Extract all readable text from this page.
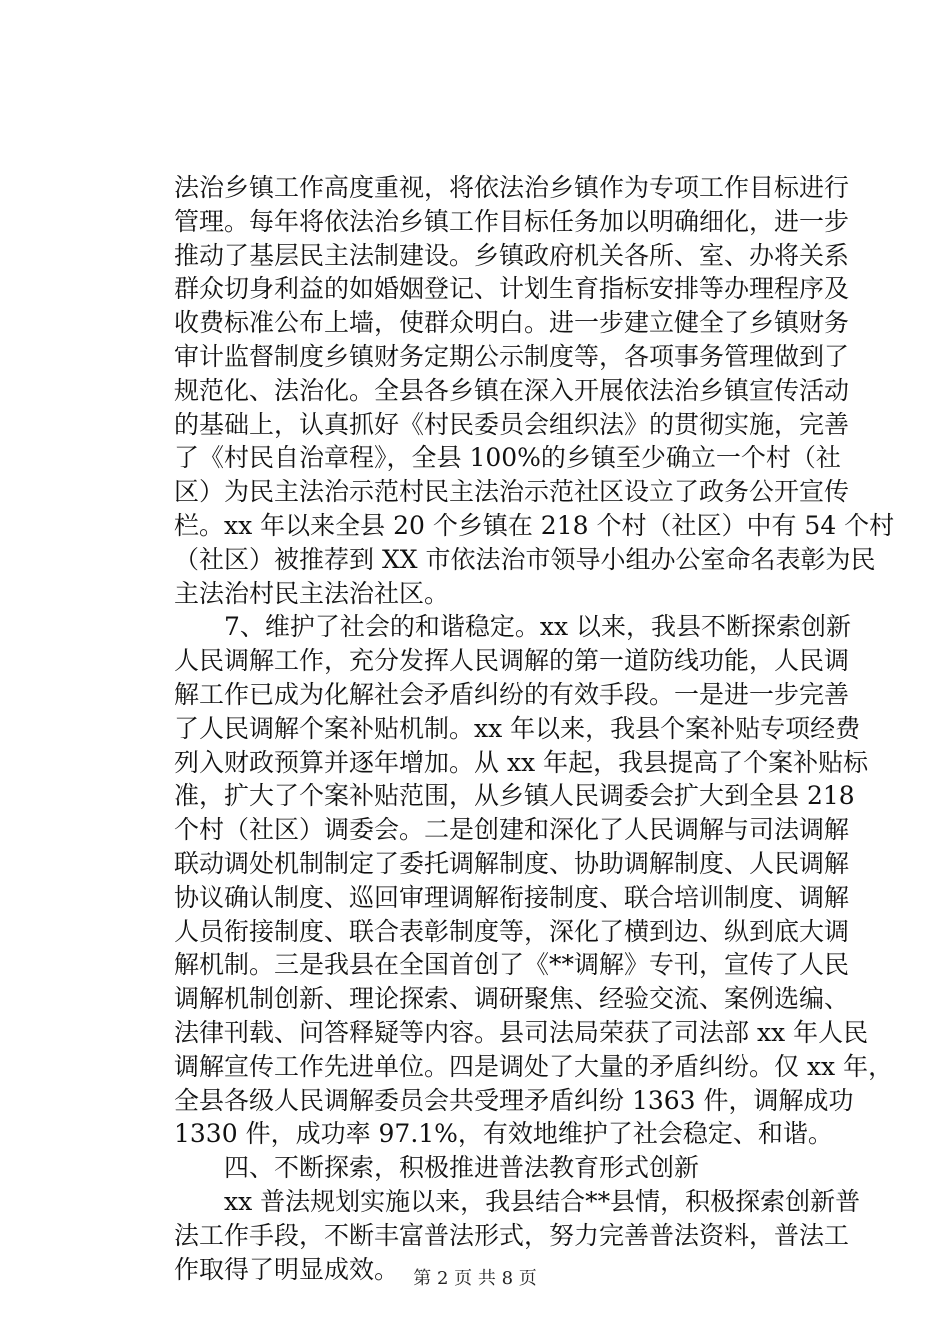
法治乡镇工作高度重视，将依法治乡镇作为专项工作目标进行
管理。每年将依法治乡镇工作目标任务加以明确细化，进一步
推动了基层民主法制建设。乡镇政府机关各所、室、办将关系
群众切身利益的如婚姻登记、计划生育指标安排等办理程序及
收费标准公布上墙，使群众明白。进一步建立健全了乡镇财务
审计监督制度乡镇财务定期公示制度等，各项事务管理做到了
规范化、法治化。全县各乡镇在深入开展依法治乡镇宣传活动
的基础上，认真抓好《村民委员会组织法》的贯彻实施，完善
了《村民自治章程》，全县 100%的乡镇至少确立一个村（社
区）为民主法治示范村民主法治示范社区设立了政务公开宣传
栏。xx 年以来全县 20 个乡镇在 218 个村（社区）中有 54 个村
（社区）被推荐到 XX 市依法治市领导小组办公室命名表彰为民
主法治村民主法治社区。
7、维护了社会的和谐稳定。xx 以来，我县不断探索创新
人民调解工作，充分发挥人民调解的第一道防线功能，人民调
解工作已成为化解社会矛盾纠纷的有效手段。一是进一步完善
了人民调解个案补贴机制。xx 年以来，我县个案补贴专项经费
列入财政预算并逐年增加。从 xx 年起，我县提高了个案补贴标
准，扩大了个案补贴范围，从乡镇人民调委会扩大到全县 218
个村（社区）调委会。二是创建和深化了人民调解与司法调解
联动调处机制制定了委托调解制度、协助调解制度、人民调解
协议确认制度、巡回审理调解衔接制度、联合培训制度、调解
人员衔接制度、联合表彰制度等，深化了横到边、纵到底大调
解机制。三是我县在全国首创了《**调解》专刊，宣传了人民
调解机制创新、理论探索、调研聚焦、经验交流、案例选编、
法律刊载、问答释疑等内容。县司法局荣获了司法部 xx 年人民
调解宣传工作先进单位。四是调处了大量的矛盾纠纷。仅 xx 年，
全县各级人民调解委员会共受理矛盾纠纷 1363 件，调解成功
1330 件，成功率 97.1%，有效地维护了社会稳定、和谐。
四、不断探索，积极推进普法教育形式创新
xx 普法规划实施以来，我县结合**县情，积极探索创新普
法工作手段，不断丰富普法形式，努力完善普法资料，普法工
作取得了明显成效。 第 2 页 共 8 页
